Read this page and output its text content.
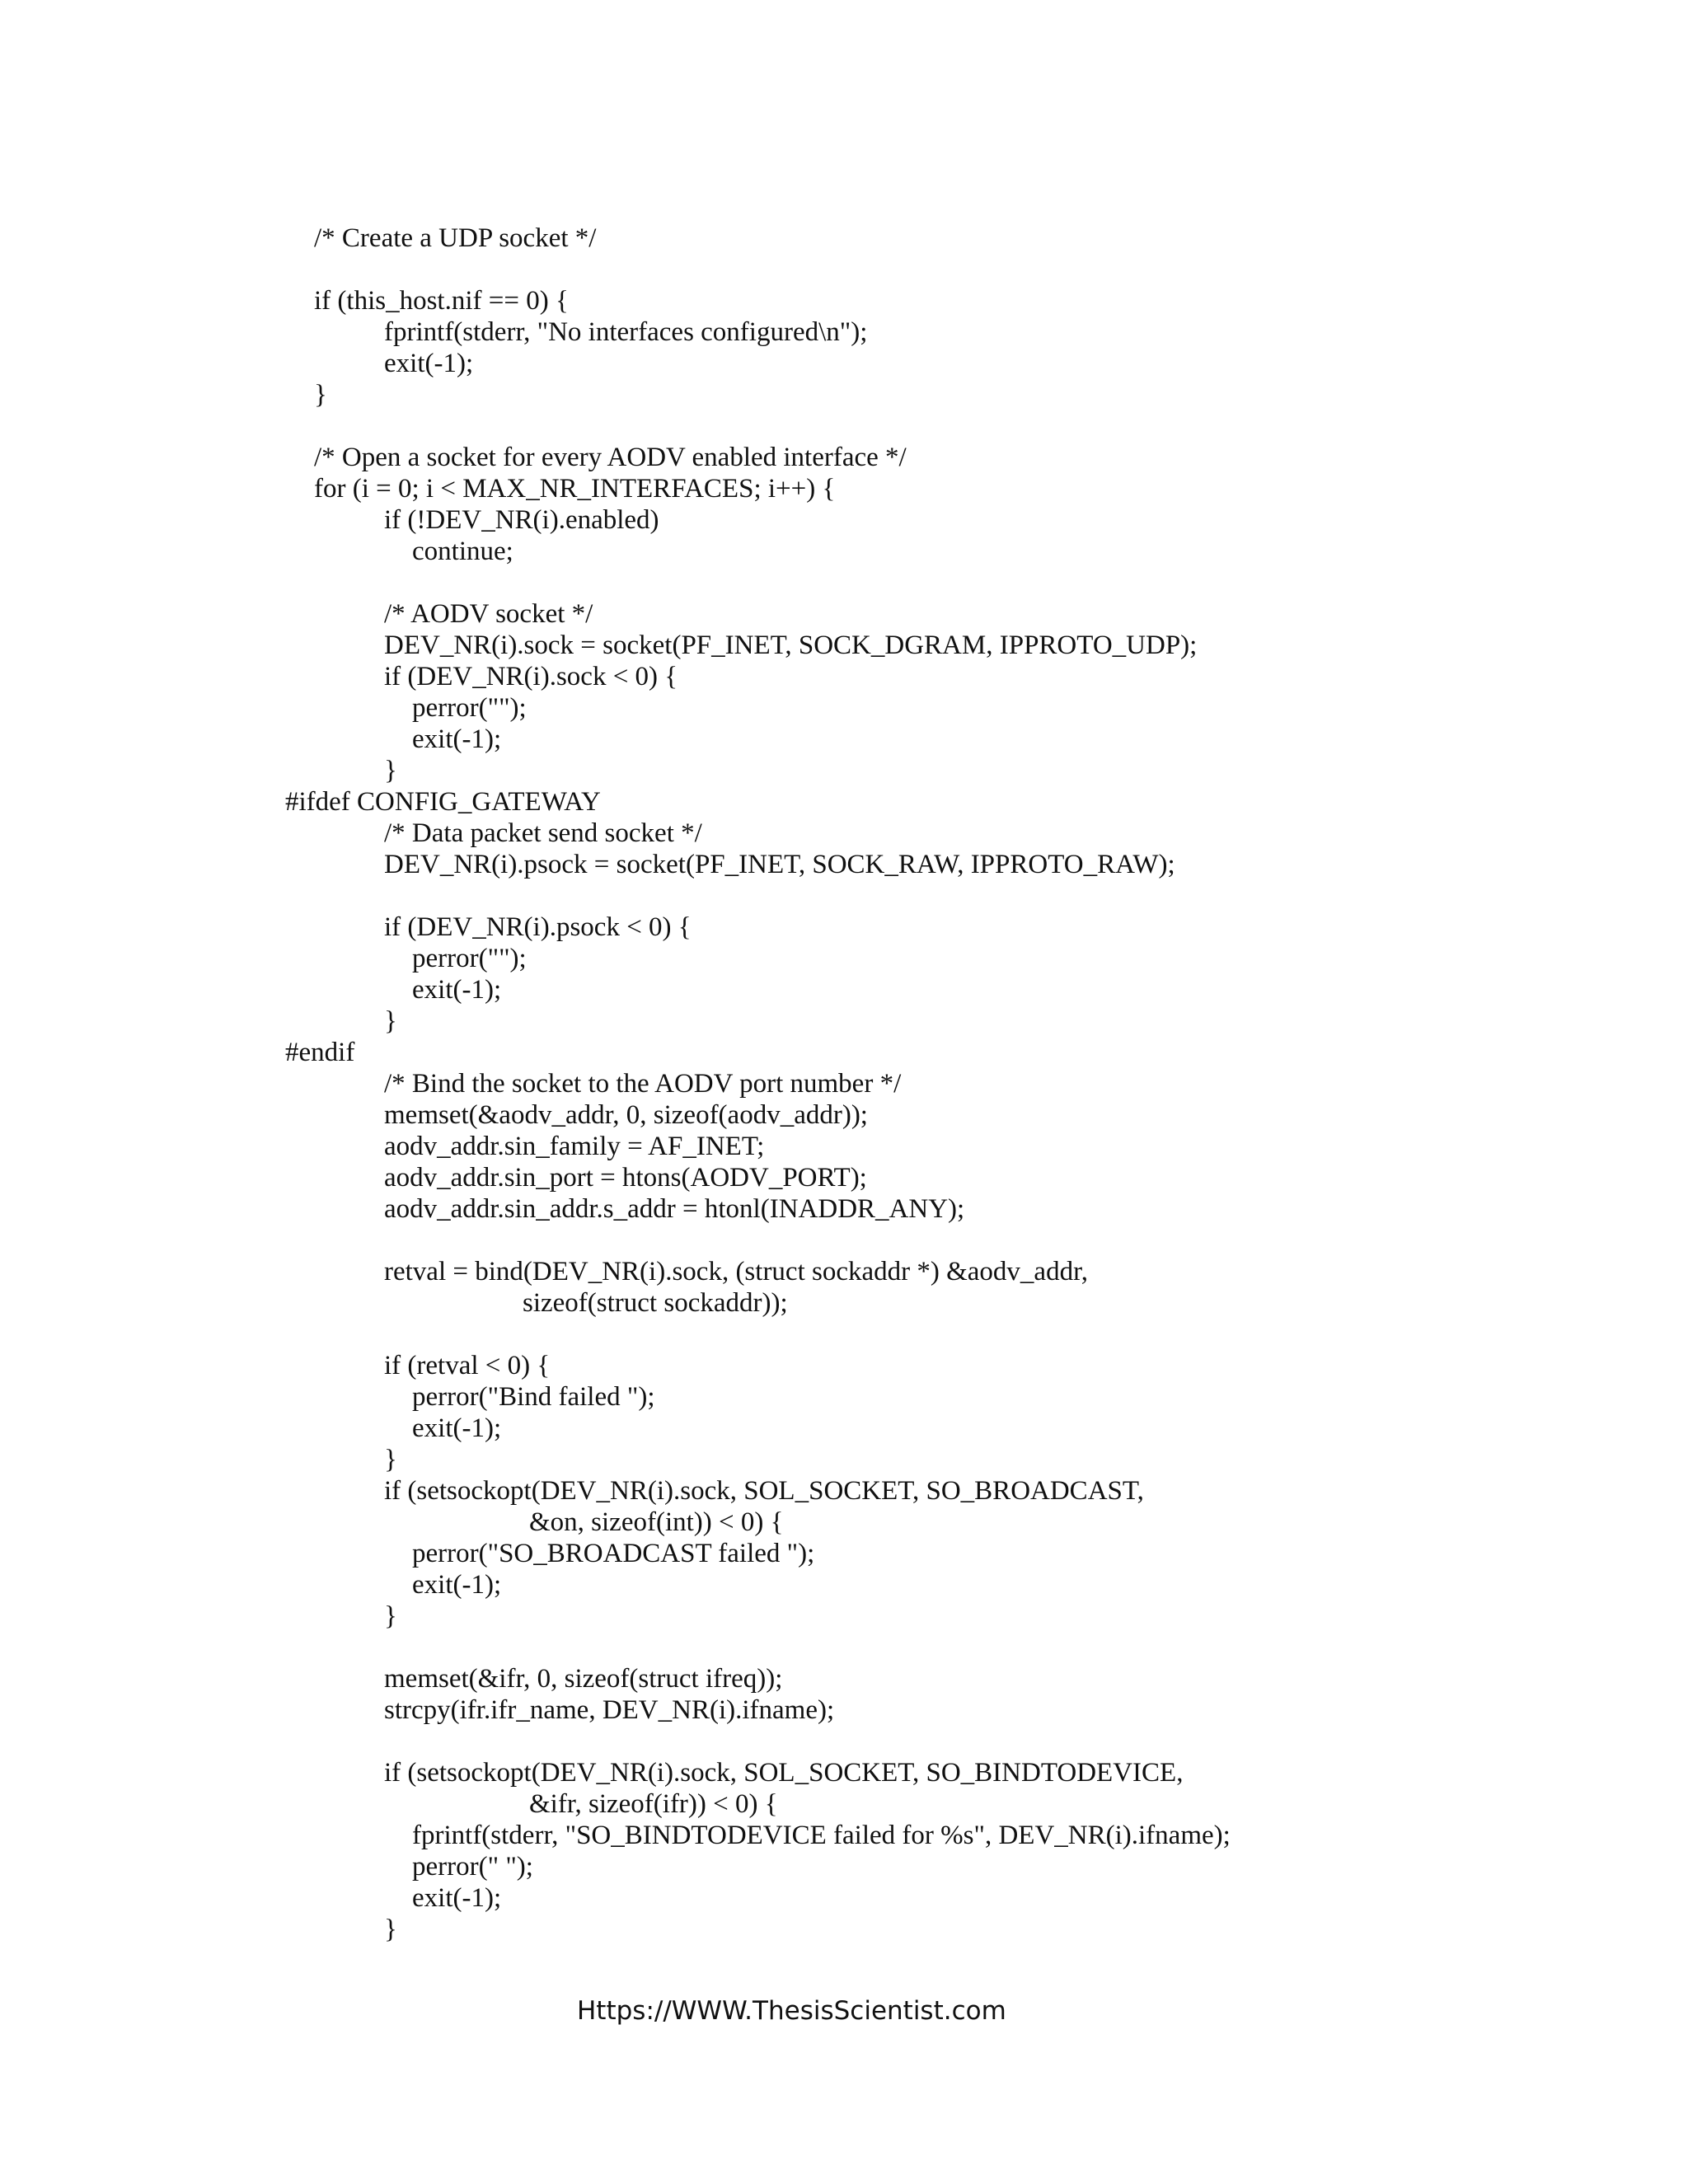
/* Create a UDP socket */
if (this_host.nif == 0) {
fprintf(stderr, "No interfaces configured\n");
exit(-1);
}
/* Open a socket for every AODV enabled interface */
for (i = 0; i < MAX_NR_INTERFACES; i++) {
if (!DEV_NR(i).enabled)
continue;
/* AODV socket */
DEV_NR(i).sock = socket(PF_INET, SOCK_DGRAM, IPPROTO_UDP);
if (DEV_NR(i).sock < 0) {
perror("");
exit(-1);
}
#ifdef CONFIG_GATEWAY
/* Data packet send socket */
DEV_NR(i).psock = socket(PF_INET, SOCK_RAW, IPPROTO_RAW);
if (DEV_NR(i).psock < 0) {
perror("");
exit(-1);
}
#endif
/* Bind the socket to the AODV port number */
memset(&aodv_addr, 0, sizeof(aodv_addr));
aodv_addr.sin_family = AF_INET;
aodv_addr.sin_port = htons(AODV_PORT);
aodv_addr.sin_addr.s_addr = htonl(INADDR_ANY);
retval = bind(DEV_NR(i).sock, (struct sockaddr *) &aodv_addr,
sizeof(struct sockaddr));
if (retval < 0) {
perror("Bind failed ");
exit(-1);
}
if (setsockopt(DEV_NR(i).sock, SOL_SOCKET, SO_BROADCAST,
&on, sizeof(int)) < 0) {
perror("SO_BROADCAST failed ");
exit(-1);
}
memset(&ifr, 0, sizeof(struct ifreq));
strcpy(ifr.ifr_name, DEV_NR(i).ifname);
if (setsockopt(DEV_NR(i).sock, SOL_SOCKET, SO_BINDTODEVICE,
&ifr, sizeof(ifr)) < 0) {
fprintf(stderr, "SO_BINDTODEVICE failed for %s", DEV_NR(i).ifname);
perror(" ");
exit(-1);
}
Https://WWW.ThesisScientist.com
